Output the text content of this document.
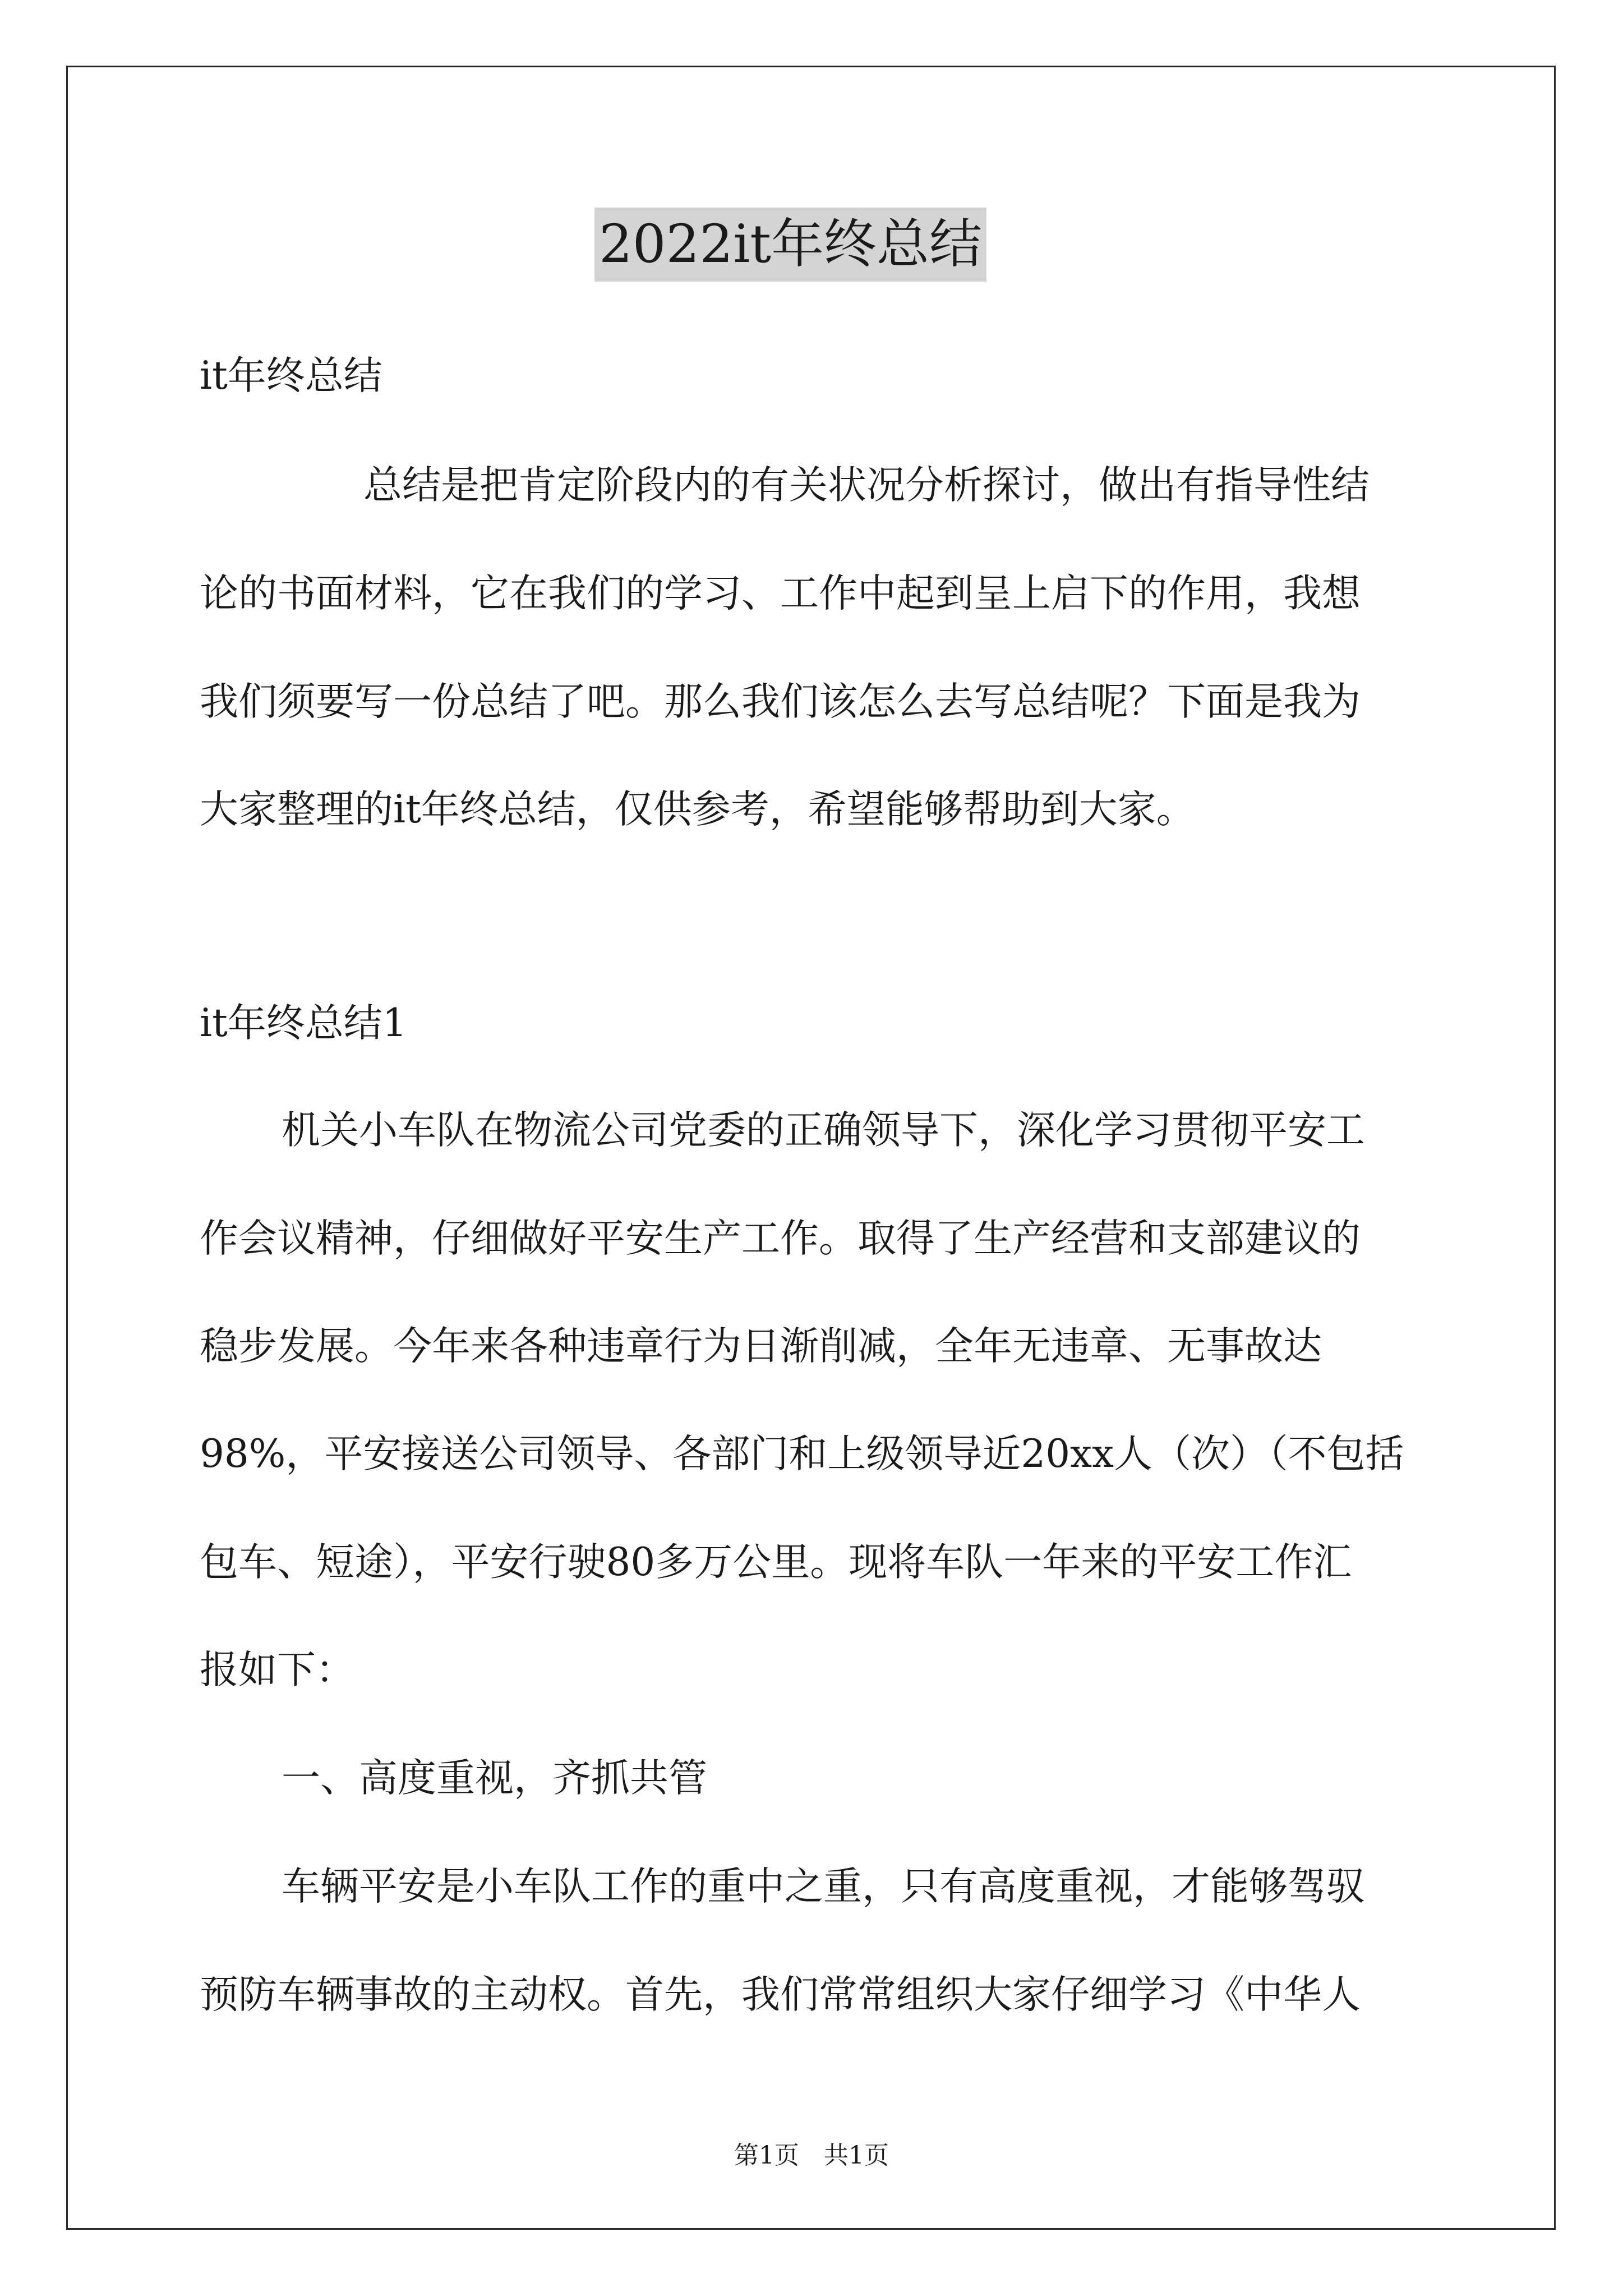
2022it年终总结
it年终总结
总结是把肯定阶段内的有关状况分析探讨，做出有指导性结
论的书面材料，它在我们的学习、工作中起到呈上启下的作用，我想
我们须要写一份总结了吧。那么我们该怎么去写总结呢？下面是我为
大家整理的it年终总结，仅供参考，希望能够帮助到大家。
it年终总结1
机关小车队在物流公司党委的正确领导下，深化学习贯彻平安工
作会议精神，仔细做好平安生产工作。取得了生产经营和支部建议的
稳步发展。今年来各种违章行为日渐削减，全年无违章、无事故达
98%，平安接送公司领导、各部门和上级领导近20xx人（次）（不包括
包车、短途），平安行驶80多万公里。现将车队一年来的平安工作汇
报如下：
一、高度重视，齐抓共管
车辆平安是小车队工作的重中之重，只有高度重视，才能够驾驭
预防车辆事故的主动权。首先，我们常常组织大家仔细学习《中华人
第1页　共1页
